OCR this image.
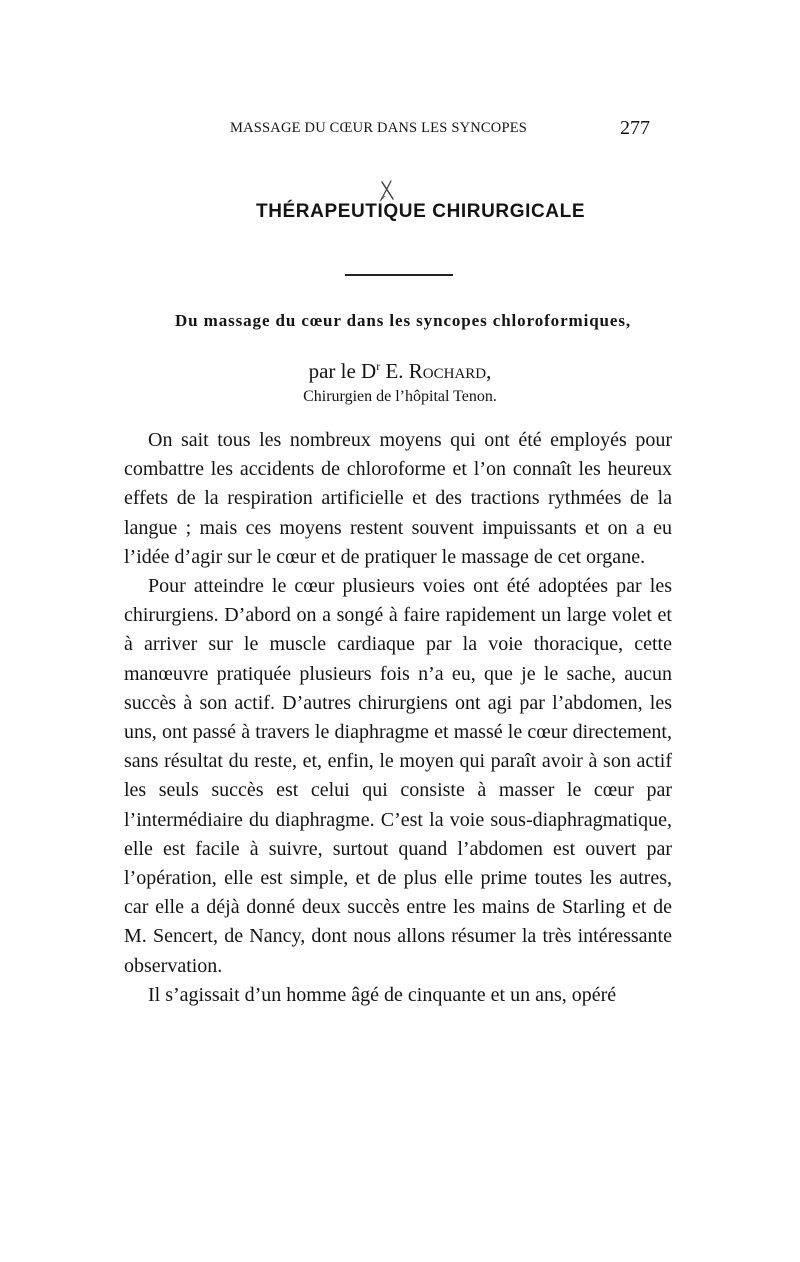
MASSAGE DU CŒUR DANS LES SYNCOPES	277
THÉRAPEUTIQUE CHIRURGICALE
Du massage du cœur dans les syncopes chloroformiques,
par le $D^r$ E. Rochard,
Chirurgien de l’hôpital Tenon.

On sait tous les nombreux moyens qui ont été employés pour combattre les accidents de chloroforme et l’on connaît les heureux effets de la respiration artificielle et des tractions rythmées de la langue ; mais ces moyens restent souvent impuissants et on a eu l’idée d’agir sur le cœur et de pratiquer le massage de cet organe.

Pour atteindre le cœur plusieurs voies ont été adoptées par les chirurgiens. D’abord on a songé à faire rapidement un large volet et à arriver sur le muscle cardiaque par la voie thoracique, cette manœuvre pratiquée plusieurs fois n’a eu, que je le sache, aucun succès à son actif. D’autres chirurgiens ont agi par l’abdomen, les uns, ont passé à travers le diaphragme et massé le cœur directement, sans résultat du reste, et, enfin, le moyen qui paraît avoir à son actif les seuls succès est celui qui consiste à masser le cœur par l’intermédiaire du diaphragme. C’est la voie sous-diaphragmatique, elle est facile à suivre, surtout quand l’abdomen est ouvert par l’opération, elle est simple, et de plus elle prime toutes les autres, car elle a déjà donné deux succès entre les mains de Starling et de M. Sencert, de Nancy, dont nous allons résumer la très intéressante observation.

Il s’agissait d’un homme âgé de cinquante et un ans, opéré
